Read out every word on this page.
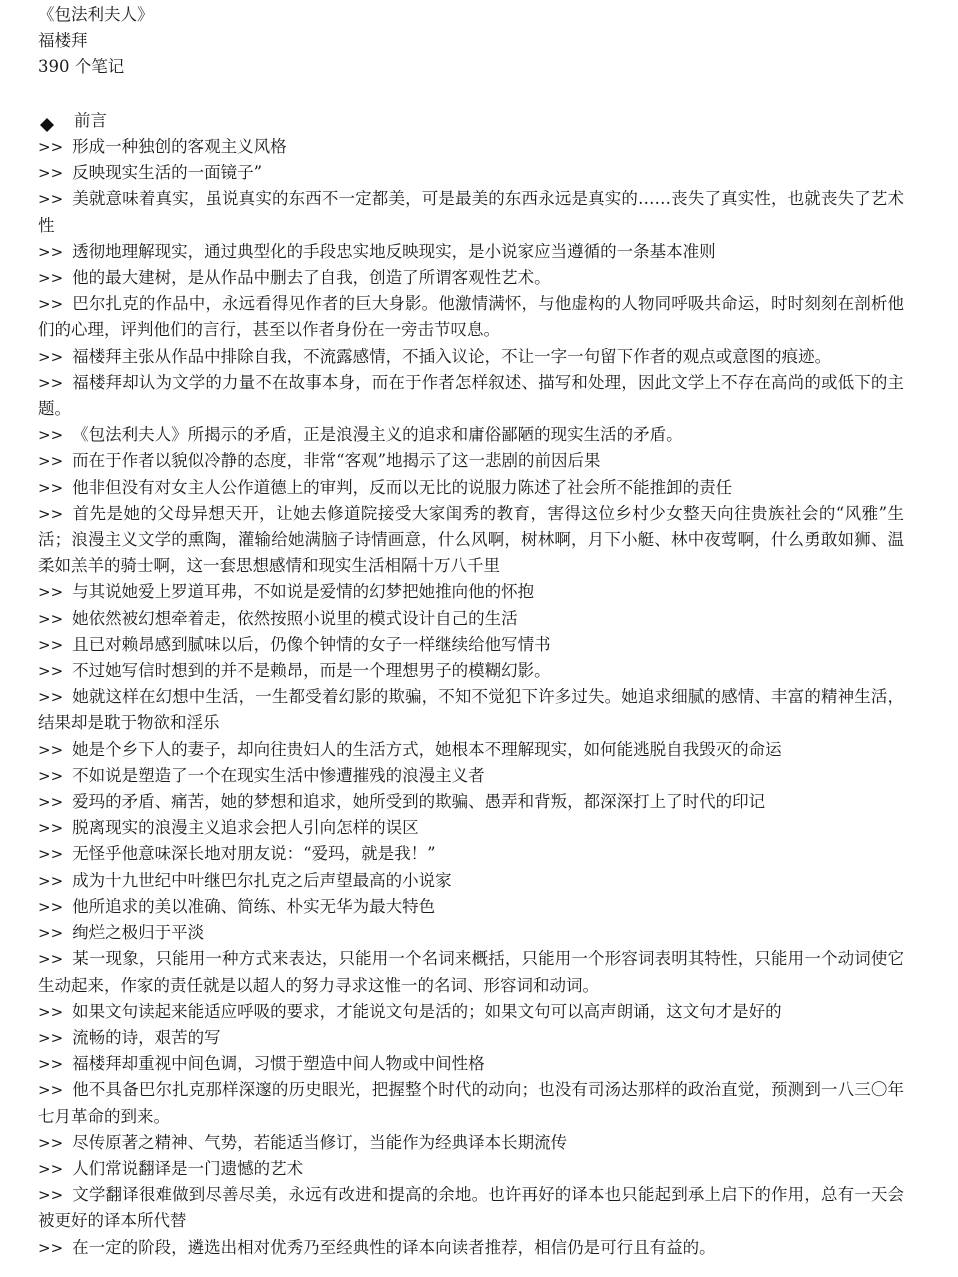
《包法利夫人》
福楼拜
390 个笔记
前言
>> 形成一种独创的客观主义风格
>> 反映现实生活的一面镜子”
>> 美就意味着真实，虽说真实的东西不一定都美，可是最美的东西永远是真实的……丧失了真实性，也就丧失了艺术性
>> 透彻地理解现实，通过典型化的手段忠实地反映现实，是小说家应当遵循的一条基本准则
>> 他的最大建树，是从作品中删去了自我，创造了所谓客观性艺术。
>> 巴尔扎克的作品中，永远看得见作者的巨大身影。他激情满怀，与他虚构的人物同呼吸共命运，时时刻刻在剖析他们的心理，评判他们的言行，甚至以作者身份在一旁击节叹息。
>> 福楼拜主张从作品中排除自我，不流露感情，不插入议论，不让一字一句留下作者的观点或意图的痕迹。
>> 福楼拜却认为文学的力量不在故事本身，而在于作者怎样叙述、描写和处理，因此文学上不存在高尚的或低下的主题。
>> 《包法利夫人》所揭示的矛盾，正是浪漫主义的追求和庸俗鄙陋的现实生活的矛盾。
>> 而在于作者以貌似冷静的态度，非常“客观”地揭示了这一悲剧的前因后果
>> 他非但没有对女主人公作道德上的审判，反而以无比的说服力陈述了社会所不能推卸的责任
>> 首先是她的父母异想天开，让她去修道院接受大家闺秀的教育，害得这位乡村少女整天向往贵族社会的“风雅”生活；浪漫主义文学的熏陶，灌输给她满脑子诗情画意，什么风啊，树林啊，月下小艇、林中夜莺啊，什么勇敢如狮、温柔如羔羊的骑士啊，这一套思想感情和现实生活相隔十万八千里
>> 与其说她爱上罗道耳弗，不如说是爱情的幻梦把她推向他的怀抱
>> 她依然被幻想牵着走，依然按照小说里的模式设计自己的生活
>> 且已对赖昂感到腻味以后，仍像个钟情的女子一样继续给他写情书
>> 不过她写信时想到的并不是赖昂，而是一个理想男子的模糊幻影。
>> 她就这样在幻想中生活，一生都受着幻影的欺骗，不知不觉犯下许多过失。她追求细腻的感情、丰富的精神生活，结果却是耽于物欲和淫乐
>> 她是个乡下人的妻子，却向往贵妇人的生活方式，她根本不理解现实，如何能逃脱自我毁灭的命运
>> 不如说是塑造了一个在现实生活中惨遭摧残的浪漫主义者
>> 爱玛的矛盾、痛苦，她的梦想和追求，她所受到的欺骗、愚弄和背叛，都深深打上了时代的印记
>> 脱离现实的浪漫主义追求会把人引向怎样的误区
>> 无怪乎他意味深长地对朋友说：“爱玛，就是我！”
>> 成为十九世纪中叶继巴尔扎克之后声望最高的小说家
>> 他所追求的美以准确、简练、朴实无华为最大特色
>> 绚烂之极归于平淡
>> 某一现象，只能用一种方式来表达，只能用一个名词来概括，只能用一个形容词表明其特性，只能用一个动词使它生动起来，作家的责任就是以超人的努力寻求这惟一的名词、形容词和动词。
>> 如果文句读起来能适应呼吸的要求，才能说文句是活的；如果文句可以高声朗诵，这文句才是好的
>> 流畅的诗，艰苦的写
>> 福楼拜却重视中间色调，习惯于塑造中间人物或中间性格
>> 他不具备巴尔扎克那样深邃的历史眼光，把握整个时代的动向；也没有司汤达那样的政治直觉，预测到一八三〇年七月革命的到来。
>> 尽传原著之精神、气势，若能适当修订，当能作为经典译本长期流传
>> 人们常说翻译是一门遗憾的艺术
>> 文学翻译很难做到尽善尽美，永远有改进和提高的余地。也许再好的译本也只能起到承上启下的作用，总有一天会被更好的译本所代替
>> 在一定的阶段，遴选出相对优秀乃至经典性的译本向读者推荐，相信仍是可行且有益的。
